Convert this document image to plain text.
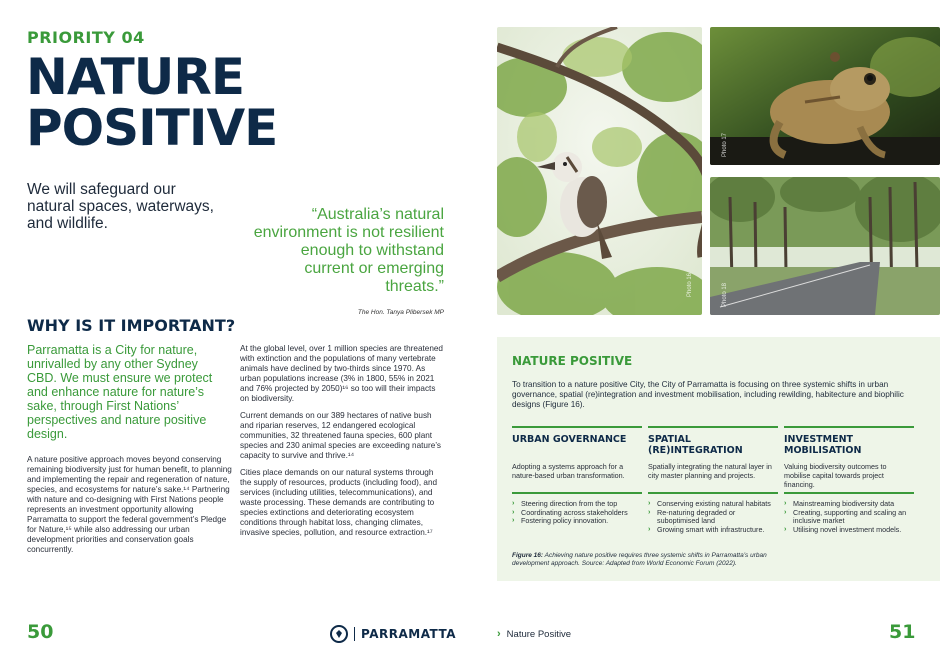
PRIORITY 04
NATURE
POSITIVE
We will safeguard our natural spaces, waterways, and wildlife.
“Australia’s natural environment is not resilient enough to withstand current or emerging threats.”
The Hon. Tanya Plibersek MP
WHY IS IT IMPORTANT?
Parramatta is a City for nature, unrivalled by any other Sydney CBD. We must ensure we protect and enhance nature for nature’s sake, through First Nations’ perspectives and nature positive design.
A nature positive approach moves beyond conserving remaining biodiversity just for human benefit, to planning and implementing the repair and regeneration of nature, species, and ecosystems for nature’s sake.¹⁴ Partnering with nature and co-designing with First Nations people represents an investment opportunity allowing Parramatta to support the federal government’s Pledge for Nature,¹⁵ while also addressing our urban development priorities and conservation goals concurrently.

At the global level, over 1 million species are threatened with extinction and the populations of many vertebrate animals have declined by two-thirds since 1970. As urban populations increase (3% in 1800, 55% in 2021 and 76% projected by 2050)¹⁶ so too will their impacts on biodiversity.

Current demands on our 389 hectares of native bush and riparian reserves, 12 endangered ecological communities, 32 threatened fauna species, 600 plant species and 230 animal species are exceeding nature’s capacity to survive and thrive.¹⁴

Cities place demands on our natural systems through the supply of resources, products (including food), and services (including utilities, telecommunications), and waste processing. These demands are contributing to species extinctions and deteriorating ecosystem conditions through habitat loss, changing climates, invasive species, pollution, and resource extraction.¹⁷

50	PARRAMATTA
Photo 16
Photo 17
Photo 18
NATURE POSITIVE
To transition to a nature positive City, the City of Parramatta is focusing on three systemic shifts in urban governance, spatial (re)integration and investment mobilisation, including rewilding, habitecture and biophilic designs (Figure 16).
URBAN GOVERNANCE
Adopting a systems approach for a nature-based urban transformation.
› Steering direction from the top
› Coordinating across stakeholders
› Fostering policy innovation.
SPATIAL (RE)INTEGRATION
Spatially integrating the natural layer in city master planning and projects.
› Conserving existing natural habitats
› Re-naturing degraded or suboptimised land
› Growing smart with infrastructure.
INVESTMENT MOBILISATION
Valuing biodiversity outcomes to mobilise capital towards project financing.
› Mainstreaming biodiversity data
› Creating, supporting and scaling an inclusive market
› Utilising novel investment models.
Figure 16: Achieving nature positive requires three systemic shifts in Parramatta’s urban development approach. Source: Adapted from World Economic Forum (2022).
› Nature Positive	51
